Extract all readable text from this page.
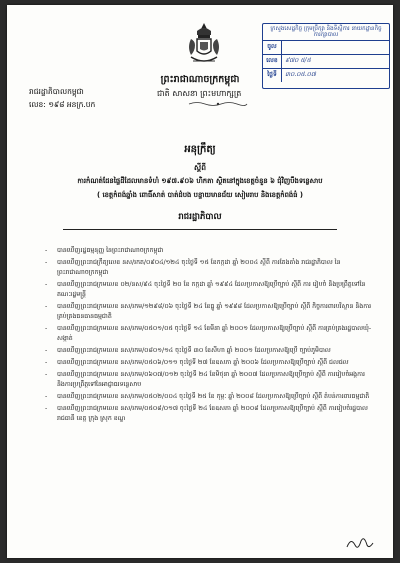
ក្រសួងសេដ្ឋកិច្ច ក្រុមប្រឹក្សា និងទីស្តីការ នាយកដ្ឋានកិច្ចការក្សាបាល
ចូល
លេខ	៩៧០ ៥/៥
ថ្ងៃទី	៣០.០៥.០៧
ព្រះរាជាណាចក្រកម្ពុជា
រាជរដ្ឋាភិបាលកម្ពុជា	ជាតិ សាសនា ព្រះមហាក្សត្រ
លេខ: ១៩៨ អនក្រ.បក
អនុក្រឹត្យ
ស្តីពី
ការកំណត់ដែនផ្ទៃដីដែលមានទំហំ ១៩៧.៩០៦ ហិកតា ស្ថិតនៅក្នុងខេត្តចំនួន ៦ ជុំវិញបឹងទន្លេសាប
( ខេត្តកំពង់ឆ្នាំង ពោធិ៍សាត់ បាត់ដំបង បន្ទាយមានជ័យ សៀមរាប និងខេត្តកំពង់ធំ )
រាជរដ្ឋាភិបាល
- បានឃើញរដ្ឋធម្មនុញ្ញ នៃព្រះរាជាណាចក្រកម្ពុជា
- បានឃើញព្រះរាជក្រឹត្យលេខ នស/រកត/០៩០៤/១២៤ ចុះថ្ងៃទី ១៥ ខែកក្កដា ឆ្នាំ ២០០៤ ស្តីពី ការតែងតាំង រាជរដ្ឋាភិបាល នៃព្រះរាជាណាចក្រកម្ពុជា
- បានឃើញព្រះរាជក្រមលេខ ០២/នស/៩៤ ចុះថ្ងៃទី ២០ ខែ កក្កដា ឆ្នាំ ១៩៩៤ ដែលប្រកាសឱ្យប្រើច្បាប់ ស្តីពី ការ រៀបចំ និងប្រព្រឹត្តទៅនៃគណៈរដ្ឋមន្ត្រី
- បានឃើញព្រះរាជក្រមលេខ នស/រកម/១២៩៨/០៦ ចុះថ្ងៃទី ២៤ ខែធ្នូ ឆ្នាំ ១៩៩៨ ដែលប្រកាសឱ្យប្រើច្បាប់ ស្តីពី កិច្ចការពារបរិស្ថាន និងការគ្រប់គ្រងធនធានធម្មជាតិ
- បានឃើញព្រះរាជក្រមលេខ នស/រកម/០៥០១/០៥ ចុះថ្ងៃទី ១៤ ខែមីនា ឆ្នាំ ២០០១ ដែលប្រកាសឱ្យប្រើច្បាប់ ស្តីពី ការគ្រប់គ្រងរដ្ឋបាលឃុំ-សង្កាត់
- បានឃើញព្រះរាជក្រមលេខ នស/រកម/០៨០១/១៤ ចុះថ្ងៃទី ៣០ ខែសីហា ឆ្នាំ ២០០១ ដែលប្រកាសឱ្យប្រើ ច្បាប់ភូមិបាល
- បានឃើញព្រះរាជក្រមលេខ នស/រកម/០៥០៦/០១១ ចុះថ្ងៃទី ២៧ ខែឧសភា ឆ្នាំ ២០០៦ ដែលប្រកាសឱ្យប្រើច្បាប់ ស្តីពី ជលផល
- បានឃើញព្រះរាជក្រមលេខ នស/រកម/០៦០៧/០១២ ចុះថ្ងៃទី ២៤ ខែមិថុនា ឆ្នាំ ២០០៧ ដែលប្រកាសឱ្យប្រើច្បាប់ ស្តីពី ការរៀបចំអង្គការ និងការប្រព្រឹត្តទៅនៃអាជ្ញាធរទន្លេសាប
- បានឃើញព្រះរាជក្រមលេខ នស/រកម/០៥០២/០០៤ ចុះថ្ងៃទី ២៥ ខែ កុម្ភៈ ឆ្នាំ ២០០៨ ដែលប្រកាសឱ្យប្រើច្បាប់ ស្តីពី តំបន់ការពារធម្មជាតិ
- បានឃើញព្រះរាជក្រមលេខ នស/រកម/០៥០៨/០១៧ ចុះថ្ងៃទី ២៤ ខែឧសភា ឆ្នាំ ២០០៨ ដែលប្រកាសឱ្យប្រើច្បាប់ ស្តីពី ការរៀបចំរដ្ឋបាលរាជធានី ខេត្ត ក្រុង ស្រុក ខណ្ឌ
